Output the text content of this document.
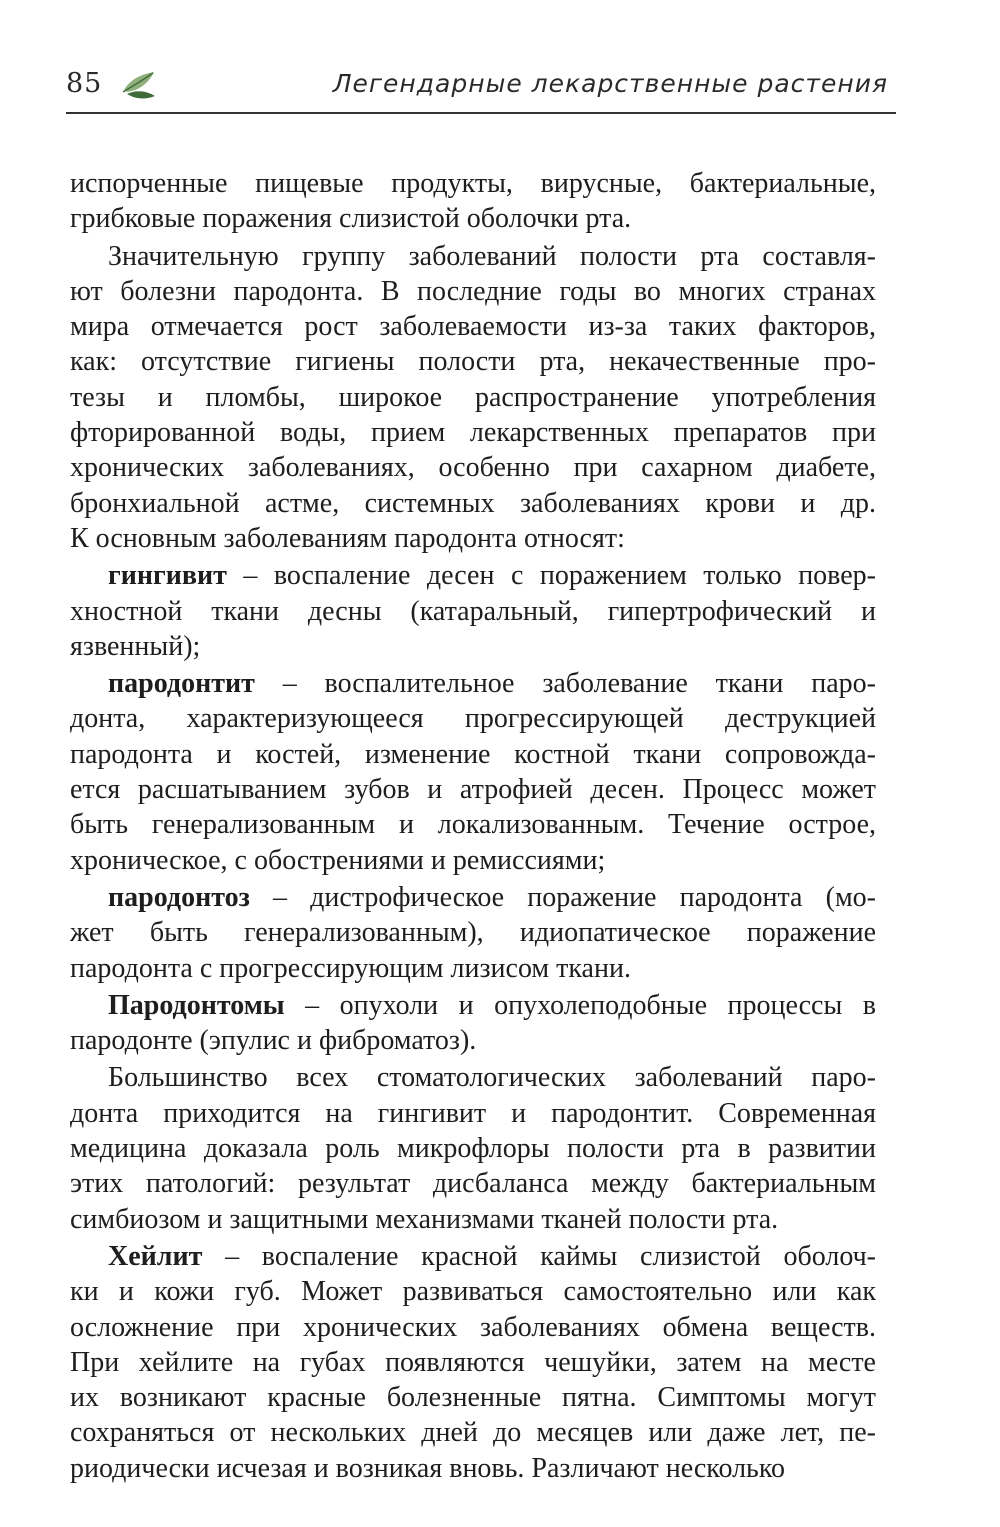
85	Легендарные лекарственные растения
испорченные пищевые продукты, вирусные, бактериальные,
грибковые поражения слизистой оболочки рта.
Значительную группу заболеваний полости рта составля-
ют болезни пародонта. В последние годы во многих странах
мира отмечается рост заболеваемости из-за таких факторов,
как: отсутствие гигиены полости рта, некачественные про-
тезы и пломбы, широкое распространение употребления
фторированной воды, прием лекарственных препаратов при
хронических заболеваниях, особенно при сахарном диабете,
бронхиальной астме, системных заболеваниях крови и др.
К основным заболеваниям пародонта относят:
гингивит – воспаление десен с поражением только повер-
хностной ткани десны (катаральный, гипертрофический и
язвенный);
пародонтит – воспалительное заболевание ткани паро-
донта, характеризующееся прогрессирующей деструкцией
пародонта и костей, изменение костной ткани сопровожда-
ется расшатыванием зубов и атрофией десен. Процесс может
быть генерализованным и локализованным. Течение острое,
хроническое, с обострениями и ремиссиями;
пародонтоз – дистрофическое поражение пародонта (мо-
жет быть генерализованным), идиопатическое поражение
пародонта с прогрессирующим лизисом ткани.
Пародонтомы – опухоли и опухолеподобные процессы в
пародонте (эпулис и фиброматоз).
Большинство всех стоматологических заболеваний паро-
донта приходится на гингивит и пародонтит. Современная
медицина доказала роль микрофлоры полости рта в развитии
этих патологий: результат дисбаланса между бактериальным
симбиозом и защитными механизмами тканей полости рта.
Хейлит – воспаление красной каймы слизистой оболоч-
ки и кожи губ. Может развиваться самостоятельно или как
осложнение при хронических заболеваниях обмена веществ.
При хейлите на губах появляются чешуйки, затем на месте
их возникают красные болезненные пятна. Симптомы могут
сохраняться от нескольких дней до месяцев или даже лет, пе-
риодически исчезая и возникая вновь. Различают несколько
